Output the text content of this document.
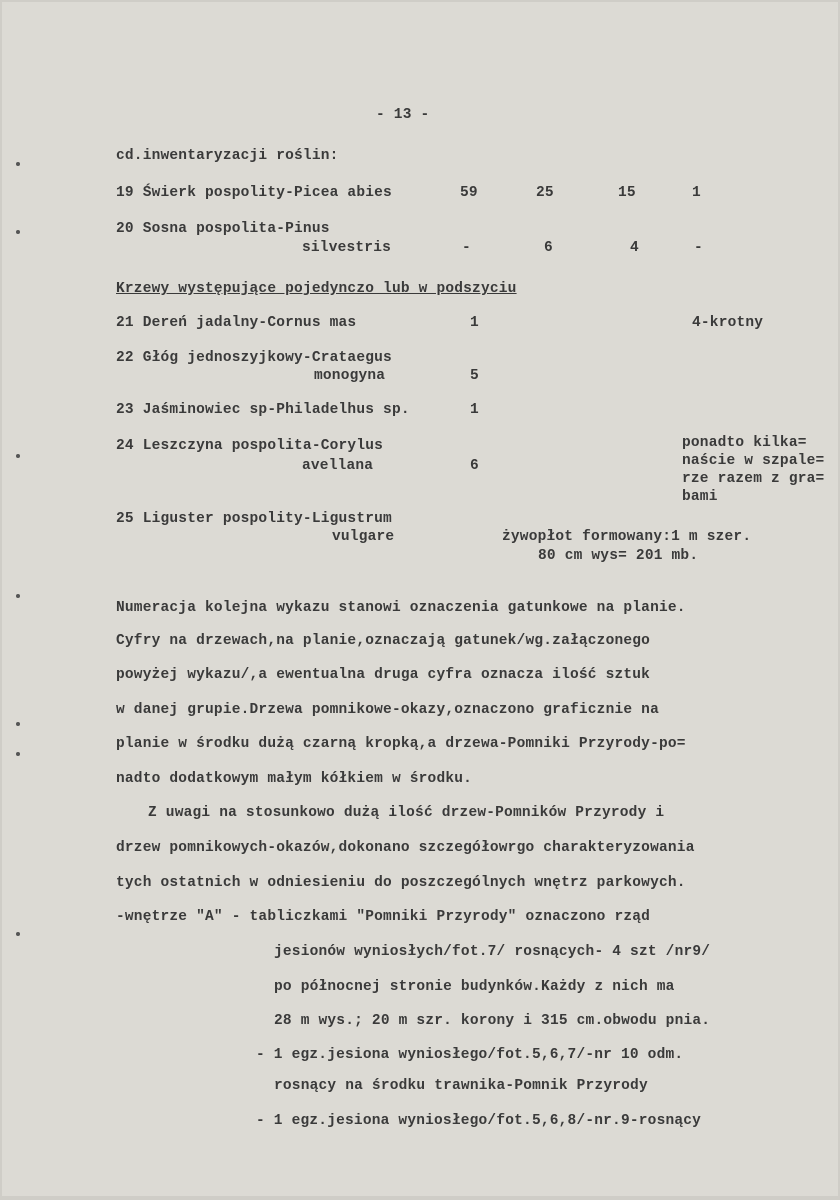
- 13 -
cd.inwentaryzacji roślin:
19 Świerk pospolity-Picea abies	59	25	15	1
20 Sosna pospolita-Pinus
silvestris	-	6	4	-
Krzewy występujące pojedynczo lub w podszyciu
21 Dereń jadalny-Cornus mas	1	4-krotny
22 Głóg jednoszyjkowy-Crataegus
monogyna	5
23 Jaśminowiec sp-Philadelhus sp.	1
24 Leszczyna pospolita-Corylus
avellana	6
ponadto kilka=
naście w szpale=
rze razem z gra=
bami
25 Liguster pospolity-Ligustrum
vulgare	żywopłot formowany:1 m szer.
80 cm wys= 201 mb.
Numeracja kolejna wykazu stanowi oznaczenia gatunkowe na planie.
Cyfry na drzewach,na planie,oznaczają gatunek/wg.załączonego
powyżej wykazu/,a ewentualna druga cyfra oznacza ilość sztuk
w danej grupie.Drzewa pomnikowe-okazy,oznaczono graficznie na
planie w środku dużą czarną kropką,a drzewa-Pomniki Przyrody-po=
nadto dodatkowym małym kółkiem w środku.
Z uwagi na stosunkowo dużą ilość drzew-Pomników Przyrody i
drzew pomnikowych-okazów,dokonano szczegółowrgo charakteryzowania
tych ostatnich w odniesieniu do poszczególnych wnętrz parkowych.
-wnętrze "A" - tabliczkami "Pomniki Przyrody" oznaczono rząd
jesionów wyniosłych/fot.7/ rosnących- 4 szt /nr9/
po północnej stronie budynków.Każdy z nich ma
28 m wys.; 20 m szr. korony i 315 cm.obwodu pnia.
- 1 egz.jesiona wyniosłego/fot.5,6,7/-nr 10 odm.
rosnący na środku trawnika-Pomnik Przyrody
- 1 egz.jesiona wyniosłego/fot.5,6,8/-nr.9-rosnący
